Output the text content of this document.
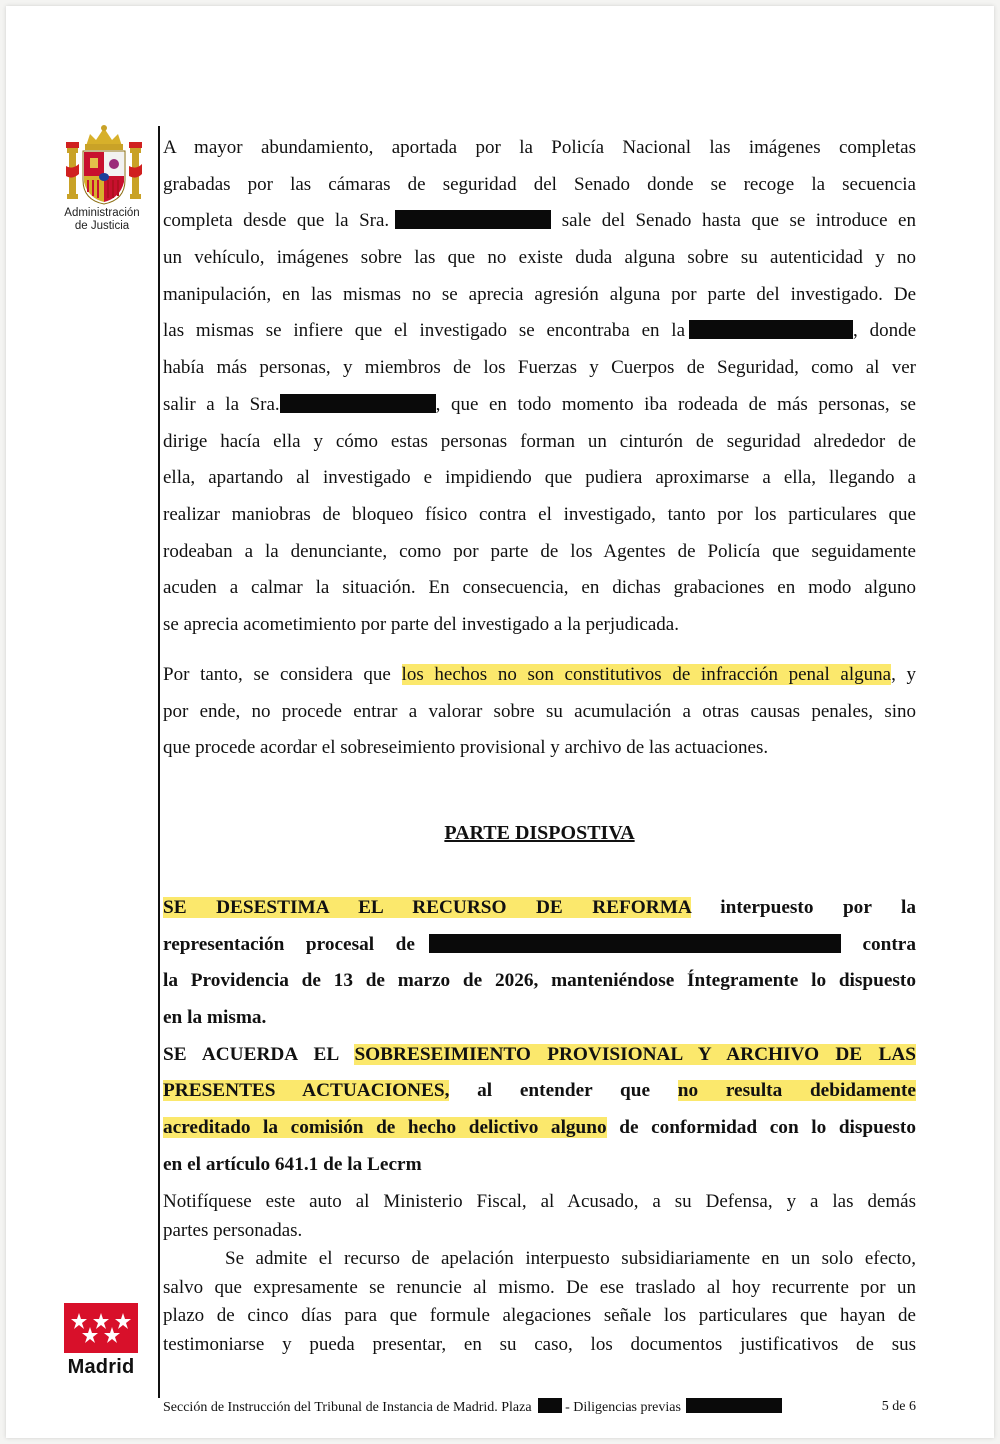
Administración
de Justicia
A mayor abundamiento, aportada por la Policía Nacional las imágenes completas
grabadas por las cámaras de seguridad del Senado donde se recoge la secuencia
completa desde que la Sra.	sale del Senado hasta que se introduce en
un vehículo, imágenes sobre las que no existe duda alguna sobre su autenticidad y no
manipulación, en las mismas no se aprecia agresión alguna por parte del investigado. De
las mismas se infiere que el investigado se encontraba en la	, donde
había más personas, y miembros de los Fuerzas y Cuerpos de Seguridad, como al ver
salir a la Sra.	, que en todo momento iba rodeada de más personas, se
dirige hacía ella y cómo estas personas forman un cinturón de seguridad alrededor de
ella, apartando al investigado e impidiendo que pudiera aproximarse a ella, llegando a
realizar maniobras de bloqueo físico contra el investigado, tanto por los particulares que
rodeaban a la denunciante, como por parte de los Agentes de Policía que seguidamente
acuden a calmar la situación. En consecuencia, en dichas grabaciones en modo alguno
se aprecia acometimiento por parte del investigado a la perjudicada.
Por tanto, se considera que los hechos no son constitutivos de infracción penal alguna, y
por ende, no procede entrar a valorar sobre su acumulación a otras causas penales, sino
que procede acordar el sobreseimiento provisional y archivo de las actuaciones.
PARTE DISPOSTIVA
SE DESESTIMA EL RECURSO DE REFORMA interpuesto por la
representación procesal de	contra
la Providencia de 13 de marzo de 2026, manteniéndose Íntegramente lo dispuesto
en la misma.
SE ACUERDA EL SOBRESEIMIENTO PROVISIONAL Y ARCHIVO DE LAS
PRESENTES ACTUACIONES, al entender que no resulta debidamente
acreditado la comisión de hecho delictivo alguno de conformidad con lo dispuesto
en el artículo 641.1 de la Lecrm
Notifíquese este auto al Ministerio Fiscal, al Acusado, a su Defensa, y a las demás
partes personadas.
Se admite el recurso de apelación interpuesto subsidiariamente en un solo efecto,
salvo que expresamente se renuncie al mismo. De ese traslado al hoy recurrente por un
plazo de cinco días para que formule alegaciones señale los particulares que hayan de
testimoniarse y pueda presentar, en su caso, los documentos justificativos de sus
Madrid
Sección de Instrucción del Tribunal de Instancia de Madrid. Plaza - Diligencias previas	5 de 6
